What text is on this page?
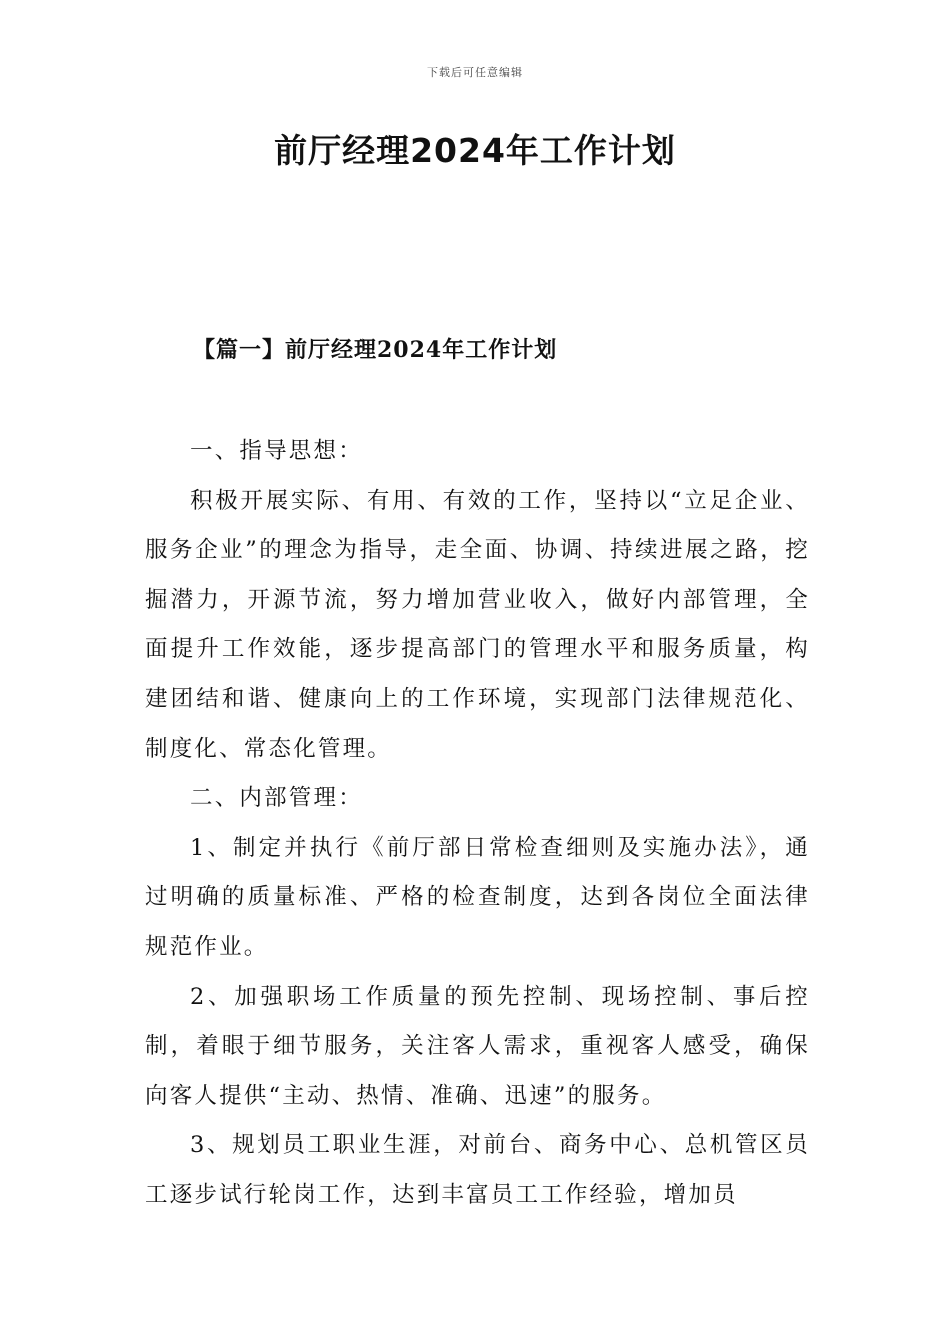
下载后可任意编辑
前厅经理2024年工作计划
【篇一】前厅经理2024年工作计划

一、指导思想：

积极开展实际、有用、有效的工作，坚持以“立足企业、服务企业”的理念为指导，走全面、协调、持续进展之路，挖掘潜力，开源节流，努力增加营业收入，做好内部管理，全面提升工作效能，逐步提高部门的管理水平和服务质量，构建团结和谐、健康向上的工作环境，实现部门法律规范化、制度化、常态化管理。

二、内部管理：

1、制定并执行《前厅部日常检查细则及实施办法》，通过明确的质量标准、严格的检查制度，达到各岗位全面法律规范作业。

2、加强职场工作质量的预先控制、现场控制、事后控制，着眼于细节服务，关注客人需求，重视客人感受，确保向客人提供“主动、热情、准确、迅速”的服务。

3、规划员工职业生涯，对前台、商务中心、总机管区员工逐步试行轮岗工作，达到丰富员工工作经验，增加员
